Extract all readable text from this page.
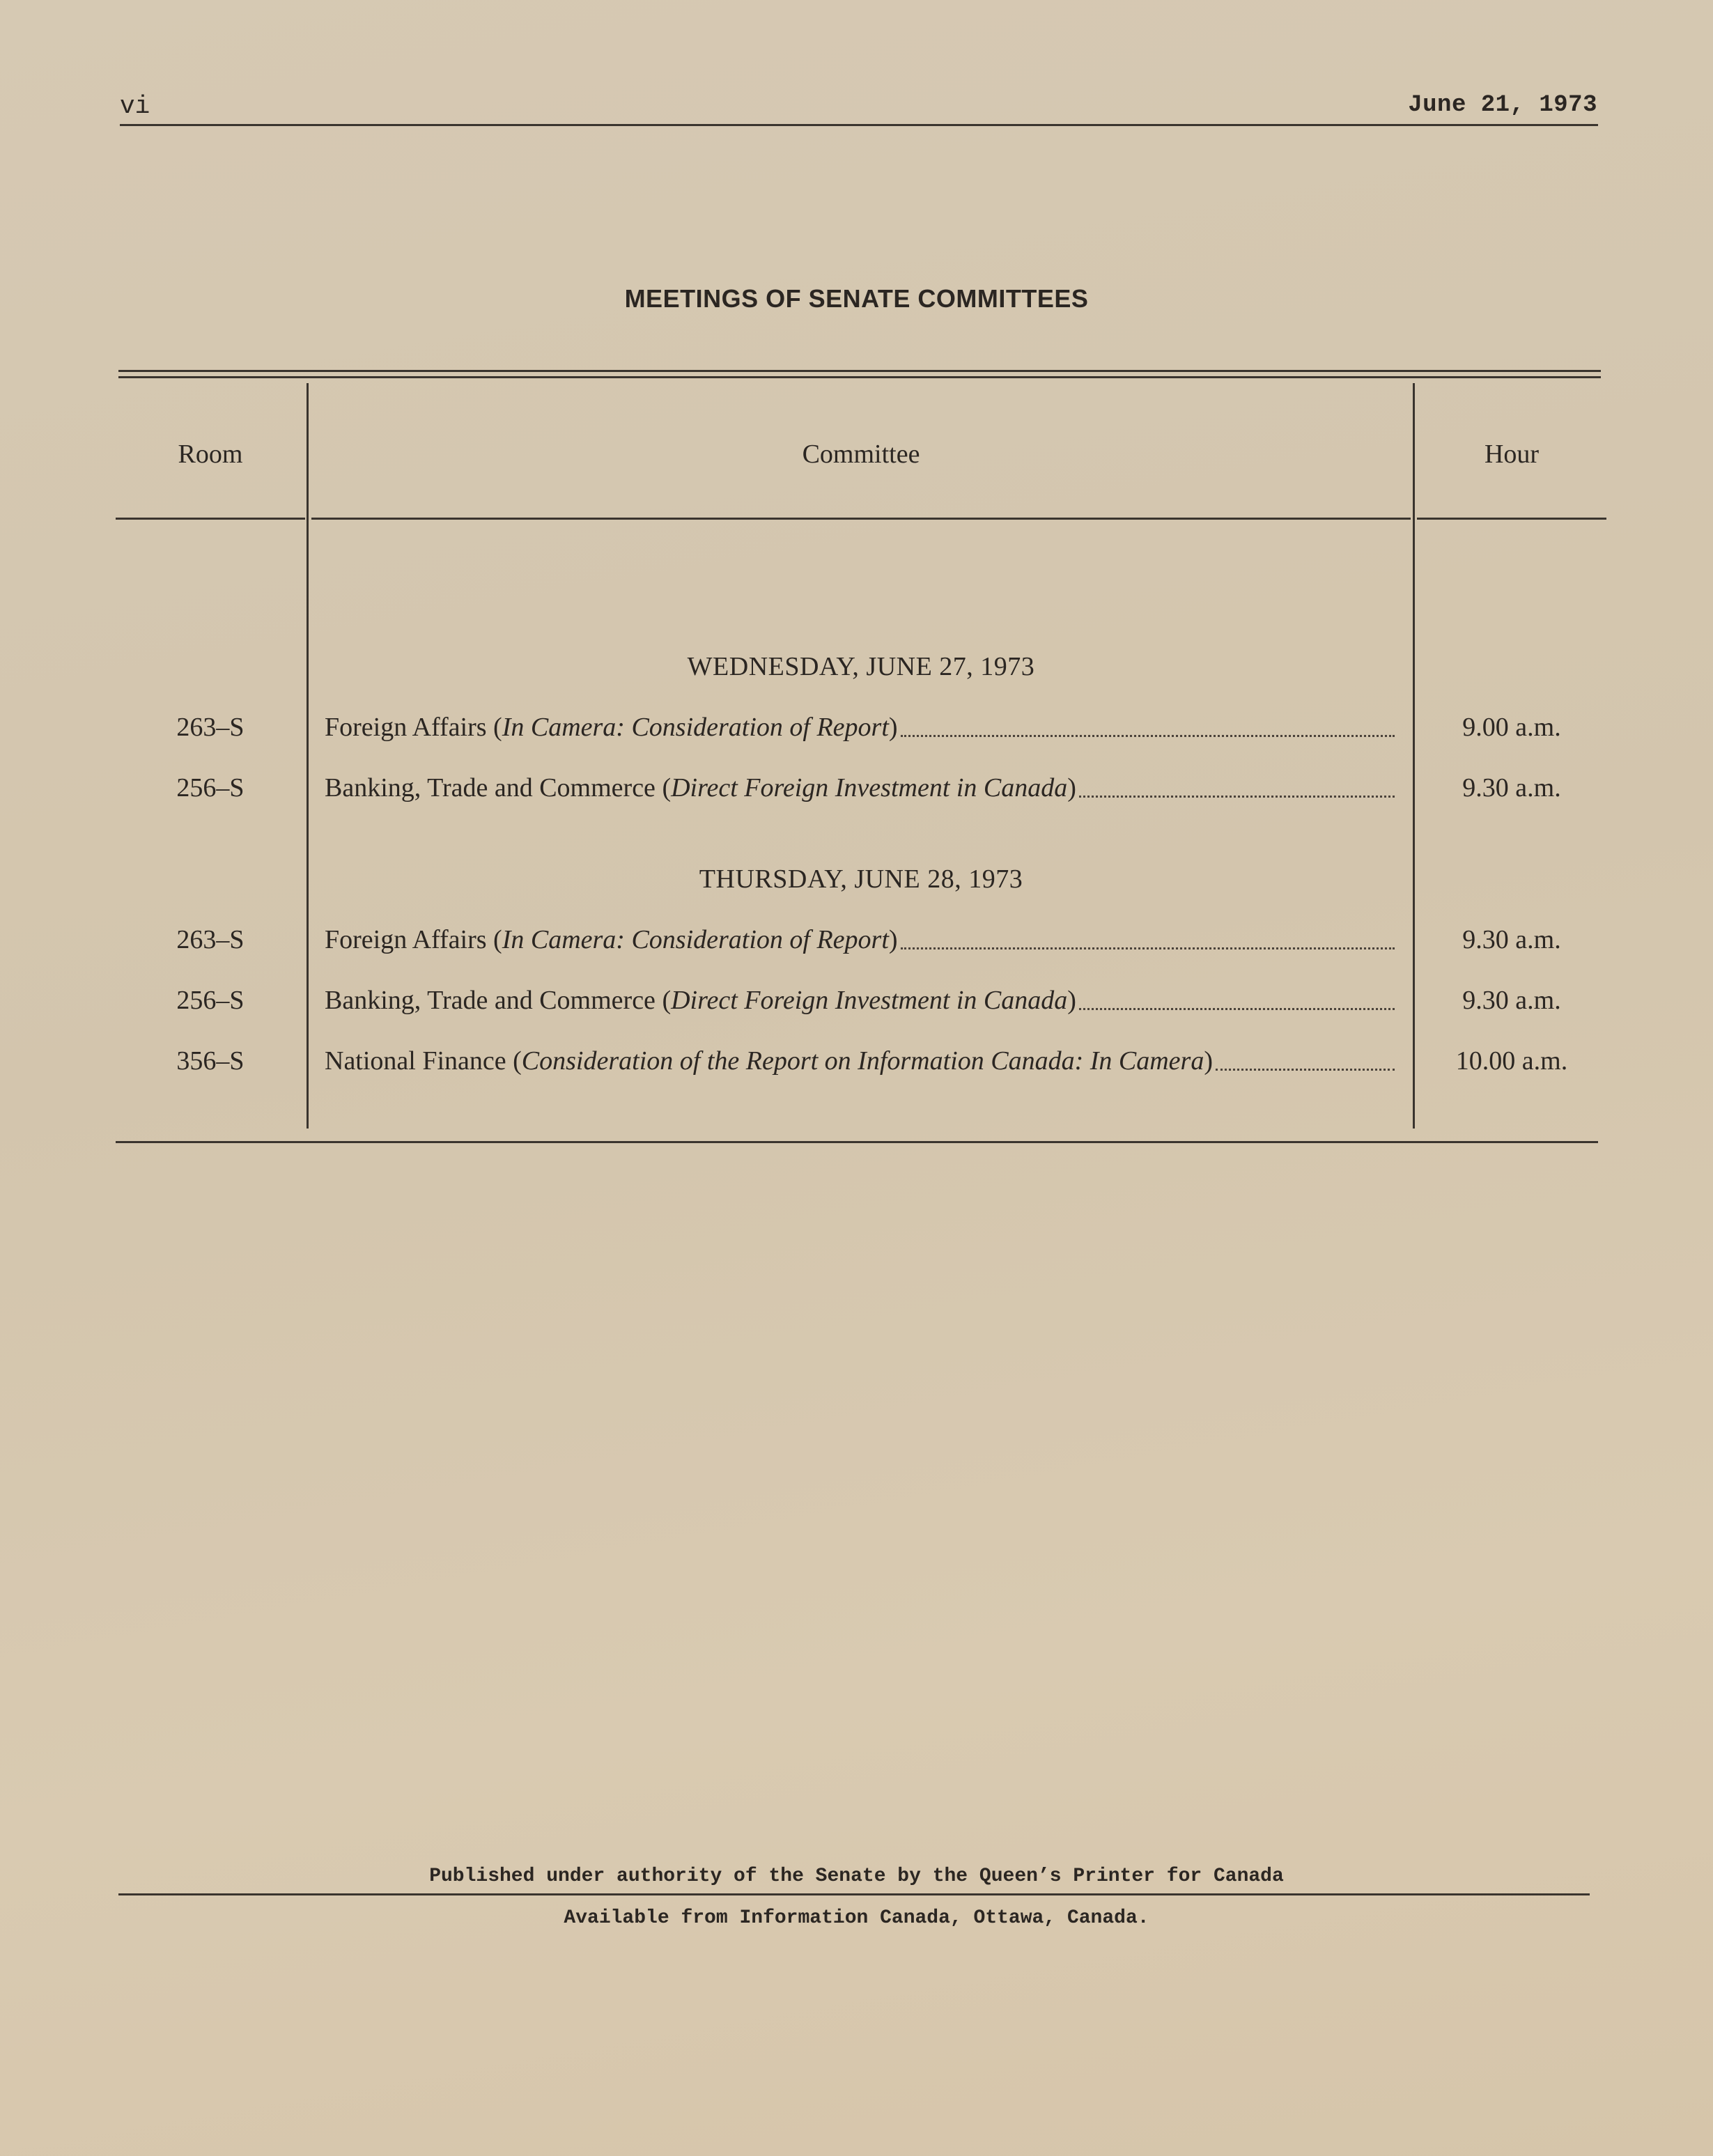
vi	June 21, 1973
MEETINGS OF SENATE COMMITTEES
Room	Committee	Hour
WEDNESDAY, JUNE 27, 1973
263–S	Foreign Affairs ( In Camera: Consideration of Report )	9.00 a.m.
256–S	Banking, Trade and Commerce ( Direct Foreign Investment in Canada )	9.30 a.m.
THURSDAY, JUNE 28, 1973
263–S	Foreign Affairs ( In Camera: Consideration of Report )	9.30 a.m.
256–S	Banking, Trade and Commerce ( Direct Foreign Investment in Canada )	9.30 a.m.
356–S	National Finance ( Consideration of the Report on Information Canada: In Camera )	10.00 a.m.
Published under authority of the Senate by the Queen’s Printer for Canada
Available from Information Canada, Ottawa, Canada.
